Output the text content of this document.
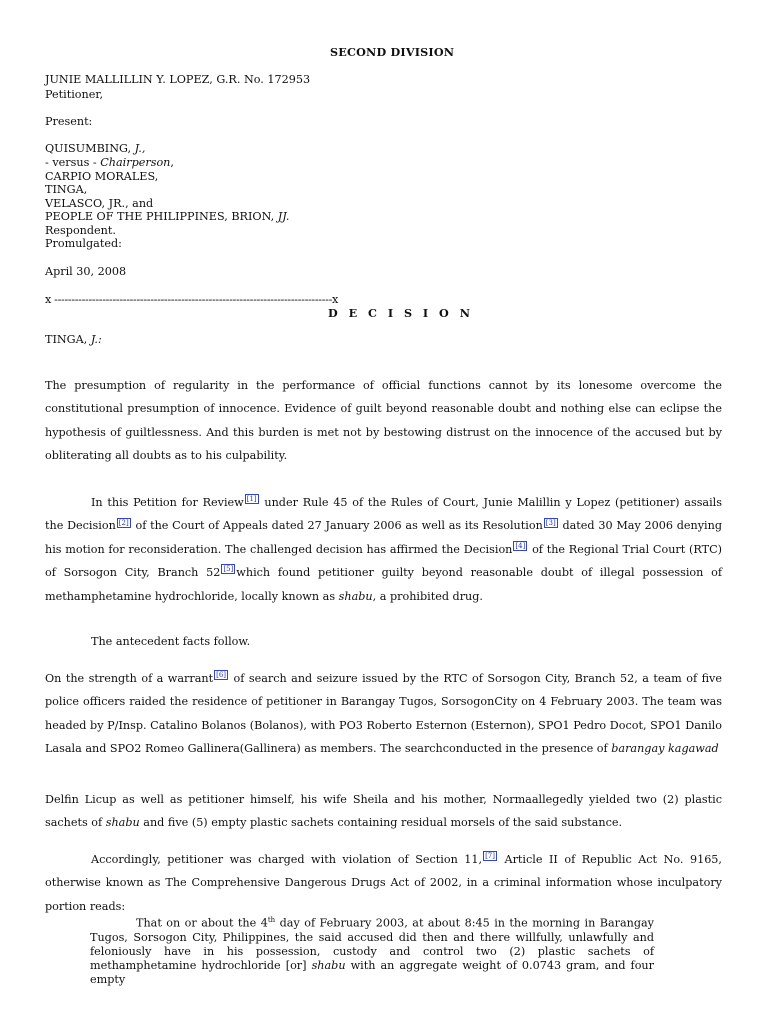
SECOND DIVISION
JUNIE MALLILLIN Y. LOPEZ, G.R. No. 172953
Petitioner,
Present:
QUISUMBING, J.,
- versus - Chairperson,
CARPIO MORALES,
TINGA,
VELASCO, JR., and
PEOPLE OF THE PHILIPPINES, BRION, JJ.
Respondent.
Promulgated:
April 30, 2008
x ---------------------------------------------------------------------------------x
D E C I S I O N
TINGA, J.:

The presumption of regularity in the performance of official functions cannot by its lonesome overcome the constitutional presumption of innocence. Evidence of guilt beyond reasonable doubt and nothing else can eclipse the hypothesis of guiltlessness. And this burden is met not by bestowing distrust on the innocence of the accused but by obliterating all doubts as to his culpability.

In this Petition for Review [1] under Rule 45 of the Rules of Court, Junie Malillin y Lopez (petitioner) assails the Decision [2] of the Court of Appeals dated 27 January 2006 as well as its Resolution [3] dated 30 May 2006 denying his motion for reconsideration. The challenged decision has affirmed the Decision [4] of the Regional Trial Court (RTC) of Sorsogon City, Branch 52 [5] which found petitioner guilty beyond reasonable doubt of illegal possession of methamphetamine hydrochloride, locally known as shabu, a prohibited drug.

The antecedent facts follow.

On the strength of a warrant [6] of search and seizure issued by the RTC of Sorsogon City, Branch 52, a team of five police officers raided the residence of petitioner in Barangay Tugos, SorsogonCity on 4 February 2003. The team was headed by P/Insp. Catalino Bolanos (Bolanos), with PO3 Roberto Esternon (Esternon), SPO1 Pedro Docot, SPO1 Danilo Lasala and SPO2 Romeo Gallinera(Gallinera) as members. The searchconducted in the presence of barangay kagawad

Delfin Licup as well as petitioner himself, his wife Sheila and his mother, Normaallegedly yielded two (2) plastic sachets of shabu and five (5) empty plastic sachets containing residual morsels of the said substance.

Accordingly, petitioner was charged with violation of Section 11, [7] Article II of Republic Act No. 9165, otherwise known as The Comprehensive Dangerous Drugs Act of 2002, in a criminal information whose inculpatory portion reads:

That on or about the 4th day of February 2003, at about 8:45 in the morning in Barangay Tugos, Sorsogon City, Philippines, the said accused did then and there willfully, unlawfully and feloniously have in his possession, custody and control two (2) plastic sachets of methamphetamine hydrochloride [or] shabu with an aggregate weight of 0.0743 gram, and four empty
